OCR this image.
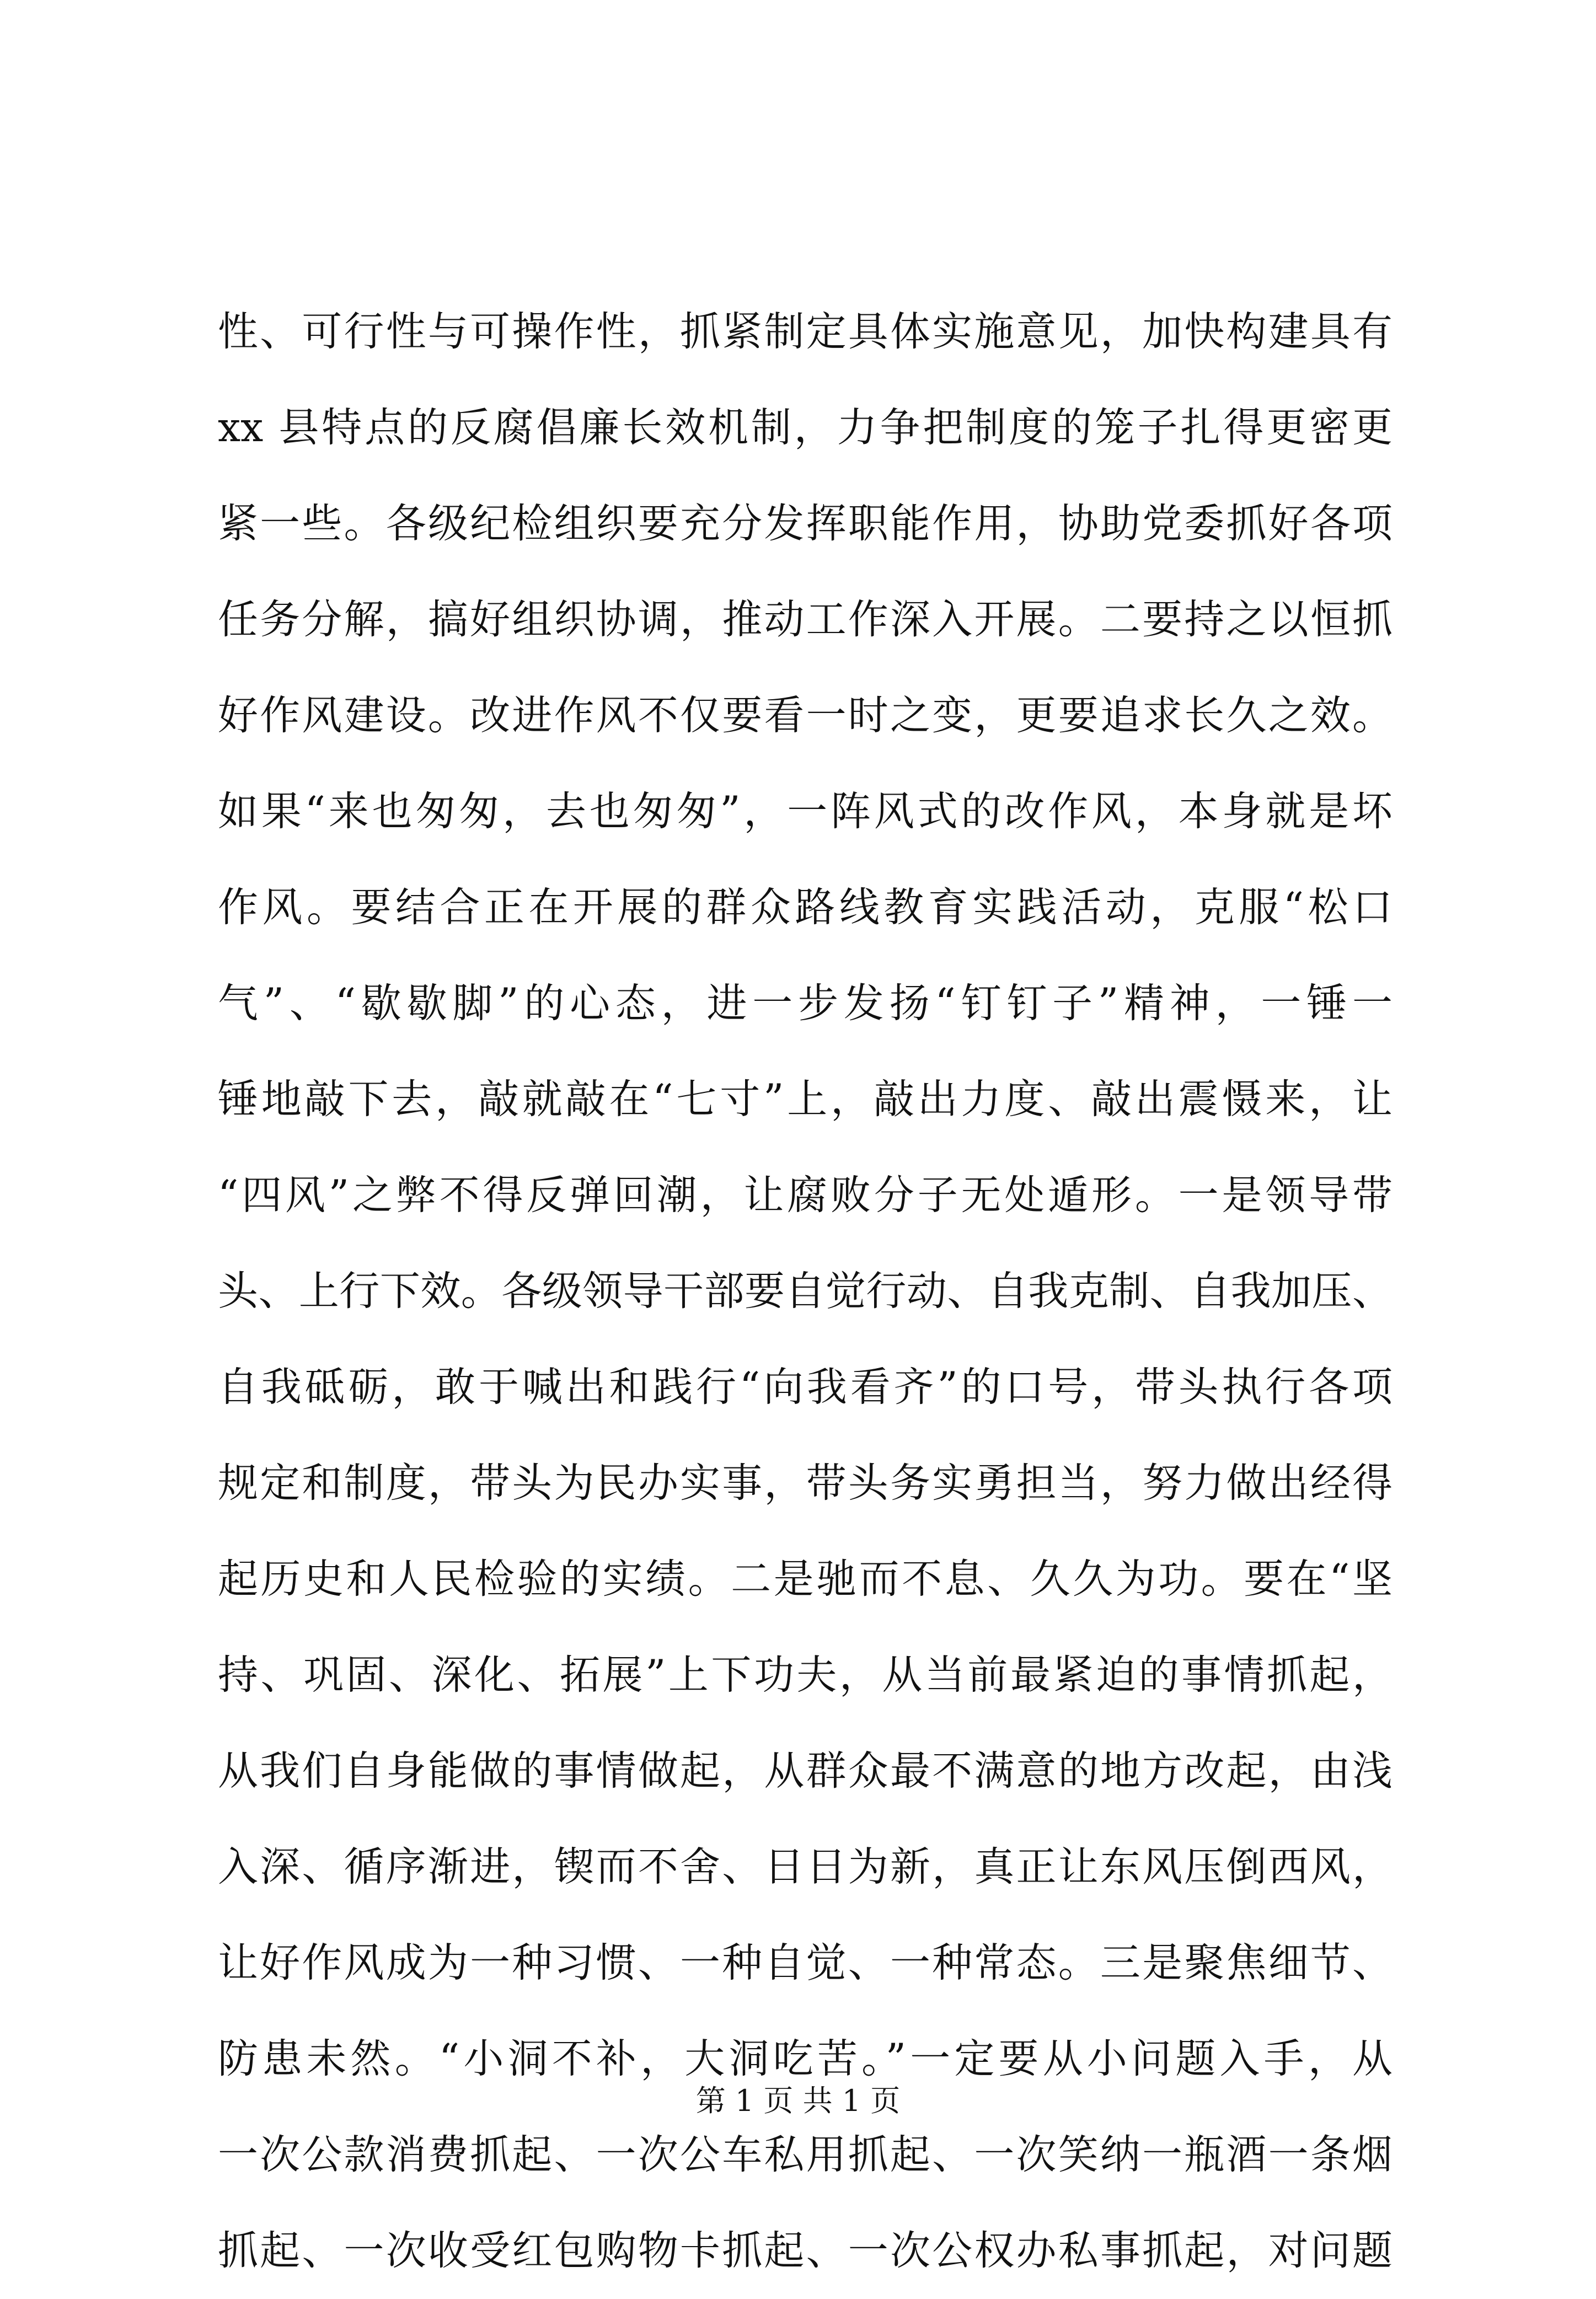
性、可行性与可操作性，抓紧制定具体实施意见，加快构建具有
xx 县特点的反腐倡廉长效机制，力争把制度的笼子扎得更密更
紧一些。各级纪检组织要充分发挥职能作用，协助党委抓好各项
任务分解，搞好组织协调，推动工作深入开展。二要持之以恒抓
好作风建设。改进作风不仅要看一时之变，更要追求长久之效。
如果“来也匆匆，去也匆匆”，一阵风式的改作风，本身就是坏
作风。要结合正在开展的群众路线教育实践活动，克服“松口
气”、“歇歇脚”的心态，进一步发扬“钉钉子”精神，一锤一
锤地敲下去，敲就敲在“七寸”上，敲出力度、敲出震慑来，让
“四风”之弊不得反弹回潮，让腐败分子无处遁形。一是领导带
头、上行下效。各级领导干部要自觉行动、自我克制、自我加压、
自我砥砺，敢于喊出和践行“向我看齐”的口号，带头执行各项
规定和制度，带头为民办实事，带头务实勇担当，努力做出经得
起历史和人民检验的实绩。二是驰而不息、久久为功。要在“坚
持、巩固、深化、拓展”上下功夫，从当前最紧迫的事情抓起，
从我们自身能做的事情做起，从群众最不满意的地方改起，由浅
入深、循序渐进，锲而不舍、日日为新，真正让东风压倒西风，
让好作风成为一种习惯、一种自觉、一种常态。三是聚焦细节、
防患未然。“小洞不补，大洞吃苦。”一定要从小问题入手，从
一次公款消费抓起、一次公车私用抓起、一次笑纳一瓶酒一条烟
抓起、一次收受红包购物卡抓起、一次公权办私事抓起，对问题
第 1 页 共 1 页
